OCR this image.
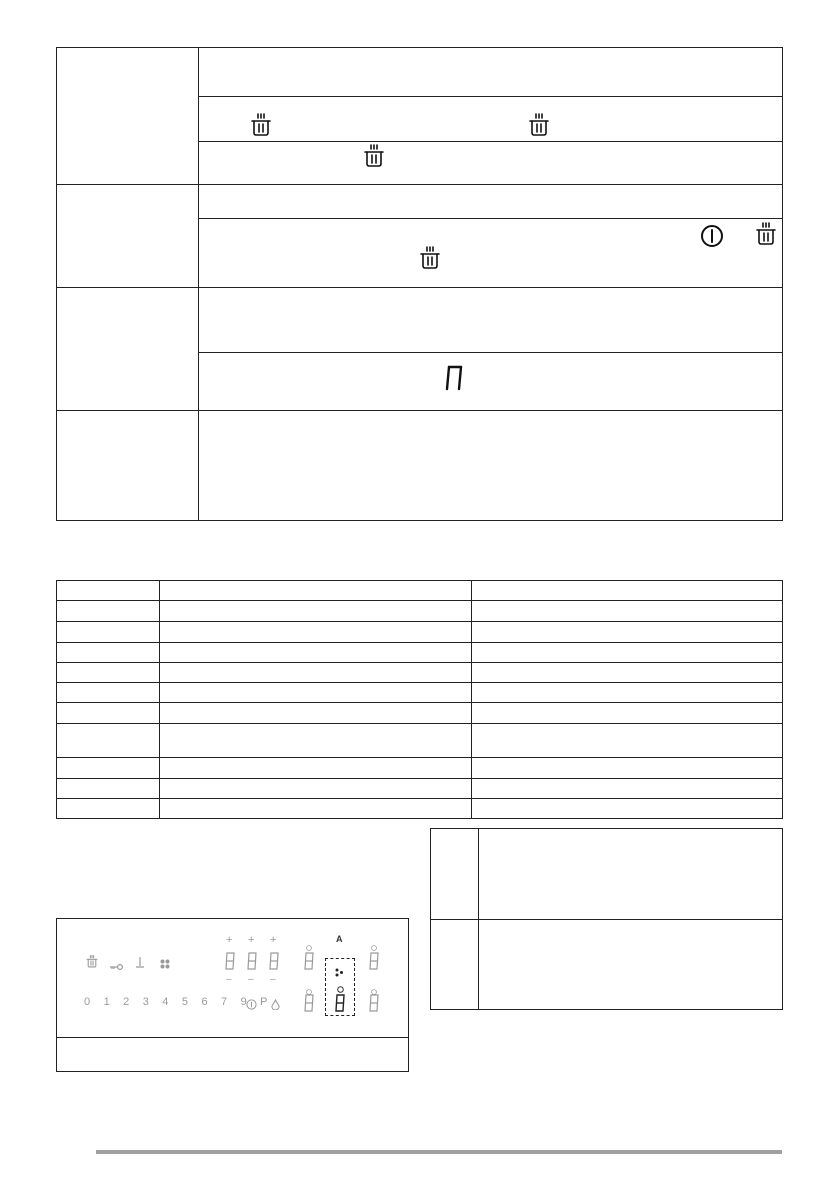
0 1 2 3 4 5 6 7 9 P
+ + +
– – –
A
